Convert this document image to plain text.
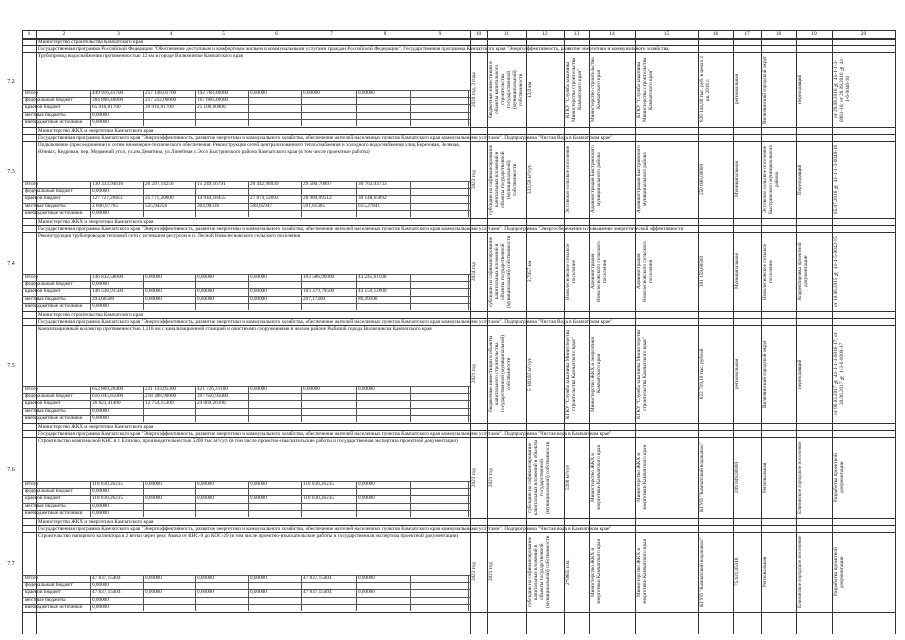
1	2	3	4	5	6	7	8	9	10	11	12	13	14	15	16	17	18	19	20
7.2
Министерство строительства Камчатского края
Государственная программа Российской Федерации "Обеспечение доступным и комфортным жильем и коммунальными услугами граждан Российской Федерации", Государственная программа Камчатского края "Энергоэффективность, развитие энергетики и коммунального хозяйства,
Трубопровод водоснабжения протяженностью 12 км в городе Вилючинске Камчатского края
Итого	449 916,41700	257 148,01700	192 768,40000	0,00000	0,00000	0,00000
федеральный бюджет	384 898,40000	217 232,00000	167 666,40000
краевой бюджет	65 016,01700	39 916,01700	25 100,00000
местные бюджеты	0,00000
внебюджетные источники 0,00000
2020 год, 3 года	бюджетные инвестиции в объекты капитального строительства государственной (муниципальной) собственности 12,0 км	КГКУ "Служба заказчика Министерства строительства Камчатского края"	Министерство строительства Камчатского края	КГКУ "Служба заказчика Министерства строительства Камчатского края"	826 144,00 тыс. руб. в ценах 2 кв. 2016 г.	региональная	Вилючинский городской округ	переходящий	от 29.09.2016 № 41-1-1-3-0081-16; от 28.09.2016 № 41-1-6-0046-16
7.3
Министерство ЖКХ и энергетики Камчатского края
Государственная программа Камчатского края "Энергоэффективность, развитие энергетики и коммунального хозяйства, обеспечение жителей населенных пунктов Камчатского края коммунальными услугами". Подпрограмма "Чистая Вода в Камчатском крае"
Подключение (присоединение) к сетям инженерно-технического обеспечения. Реконструкция сетей централизованного теплоснабжения и холодного водоснабжения улиц Березовая, Зеленая, Юнных, Кедровая, пер. Медвежий угол, ул.им.Девятина, ул.Линейная с.Эссо Быстринского района Камчатского края (в том числе проектные работы)
Итого	130 333,94616	26 297,14256	15 249,16791	28 442,98939	29 580,70897	30 763,93733
федеральный бюджет	0,00000
краевой бюджет	127 727,26851	25 771,20000	14 944,18455	27 874,12092	28 989,09512	30 148,65892
местные бюджеты	2 606,67765	525,94256	304,98336	568,85947	591,61385	615,27841
внебюджетные источники 0,00000
2023 год	субсидии на софинансирование капитальных вложений в объекты государственной (муниципальной) собственности	333,59 м³/сут.	Эссовское сельское поселение	Администрация Быстринского муниципального района	Администрация Быстринского муниципального района	250 696,00000	Муниципальная	Эссовское сельское поселение Быстринского муниципального района	Переходящий	05.07.2016 № 41-1-1-3-0049-16
7.4
Министерство ЖКХ и энергетики Камчатского края
Государственная программа Камчатского края "Энергоэффективность, развитие энергетики и коммунального хозяйства, обеспечение жителей населенных пунктов Камчатского края коммунальными услугами". Подпрограмма "Энергосбережение и повышение энергетической эффективности
Реконструкция трубопроводов тепловой сети с истекшим ресурсом в п. Лесной Новолесновского сельского поселения
Итого	146 832,58000	0,00000	0,00000	0,00000	103 586,96900	43 245,61100
федеральный бюджет	0,00000
краевой бюджет	146 538,91500	0,00000	0,00000	0,00000	103 379,79500	43 159,12000
местные бюджеты	293,66500	0,00000	0,00000	0,00000	207,17400	86,49100
внебюджетные источники 0,00000
2024 год	субсидии на софинансирование капитальных вложений в объекты государственной (муниципальной) собственности	2,7057 км	Новолесновское сельское поселение	Администрация Новолесновского сельского поселения	Администрация Новолесновского сельского поселения	391 159,60500	Муниципальная	Новолесновское сельское поселение	Корректировка проектной документации	от 10.06.2015 № 41-1-5-0042-15
7.5
Министерство строительства Камчатского края
Государственная программа Камчатского края "Энергоэффективность, развитие энергетики и коммунального хозяйства, обеспечение жителей населенных пунктов Камчатского края коммунальными услугами". Подпрограмма "Чистая Вода в Камчатском крае"
Канализационный коллектор протяженностью 1,318 км с канализационной станцией и очистными сооружениями в жилом районе Рыбачий города Вилючинска Камчатского края
Итого	652 869,26400	231 143,05300	421 726,21100	0,00000	0,00000	0,00000
федеральный бюджет	616 045,85000	218 388,90000	397 656,95000
краевой бюджет	36 823,41400	12 754,15300	24 069,26100
местные бюджеты	0,00000
внебюджетные источники 0,00000
2021 год	бюджетные инвестиции в объекты капитального строительства государственной (муниципальной) собственности	5 160,92 м³/сут.	КГКУ "Служба заказчика Министерства строительства Камчатского края"	Министерство ЖКХ и энергетики Камчатского края	КГКУ "Служба заказчика Министерства строительства Камчатского края"	822 719,10 тыс. рублей	региональная	Вилючинский городской округ	переходящий	от 06.03.2017 № 41-1-1-3-0016-17; от 30.06.2017 № 1-3-6-0009-17
7.6
Министерство ЖКХ и энергетики Камчатского края
Государственная программа Камчатского края "Энергоэффективность, развитие энергетики и коммунального хозяйства, обеспечение жителей населенных пунктов Камчатского края коммунальными услугами". Подпрограмма "Чистая вода в Камчатском крае"
Строительство комплексной КНС в г. Елизово, производительностью 5200 тыс.м³/сут. (в том числе проектно-изыскательские работы и государственная экспертиза проектной документации)
Итого	118 030,26235	0,00000	0,00000	0,00000	118 030,26235	0,00000
федеральный бюджет	0,00000
краевой бюджет	118 030,26235	0,00000	0,00000	0,00000	118 030,26235	0,00000
местные бюджеты	0,00000
внебюджетные источники 0,00000
2023 год	2021 год	субсидии на софинансирование капитальных вложений в объекты государственной (муниципальной) собственности	5200 м³/сут	Министерство ЖКХ и энергетики Камчатского края	Министерство ЖКХ и энергетики Камчатского края	КГУП "Камчатский водоканал"	209 049,00000	Региональная	Елизовское городское поселение	Разработка проектной документации
7.7
Министерство ЖКХ и энергетики Камчатского края
Государственная программа Камчатского края "Энергоэффективность, развитие энергетики и коммунального хозяйства, обеспечение жителей населенных пунктов Камчатского края коммунальными услугами". Подпрограмма "Чистая вода в Камчатском крае"
Строительство напорного коллектора в 2 ветки через реку Авача от КНС-9 до КОС-29 (в том числе проектно-изыскательские работы и государственная экспертиза проектной документации)
Итого	47 837,15404	0,00000	0,00000	0,00000	47 837,15404	0,00000
федеральный бюджет	0,00000
краевой бюджет	47 837,15404	0,00000	0,00000	0,00000	47 837,15404	0,00000
местные бюджеты	0,00000
внебюджетные источники 0,00000
2023 год	2021 год	субсидии на софинансирование капитальных вложений в объекты государственной (муниципальной) собственности	2*0865 п.м.	Министерство ЖКХ и энергетики Камчатского края	Министерство ЖКХ и энергетики Камчатского края	КГУП "Камчатский водоканал"	75 621,05318	Региональная	Елизовское городское поселение	Разработка проектной документации
